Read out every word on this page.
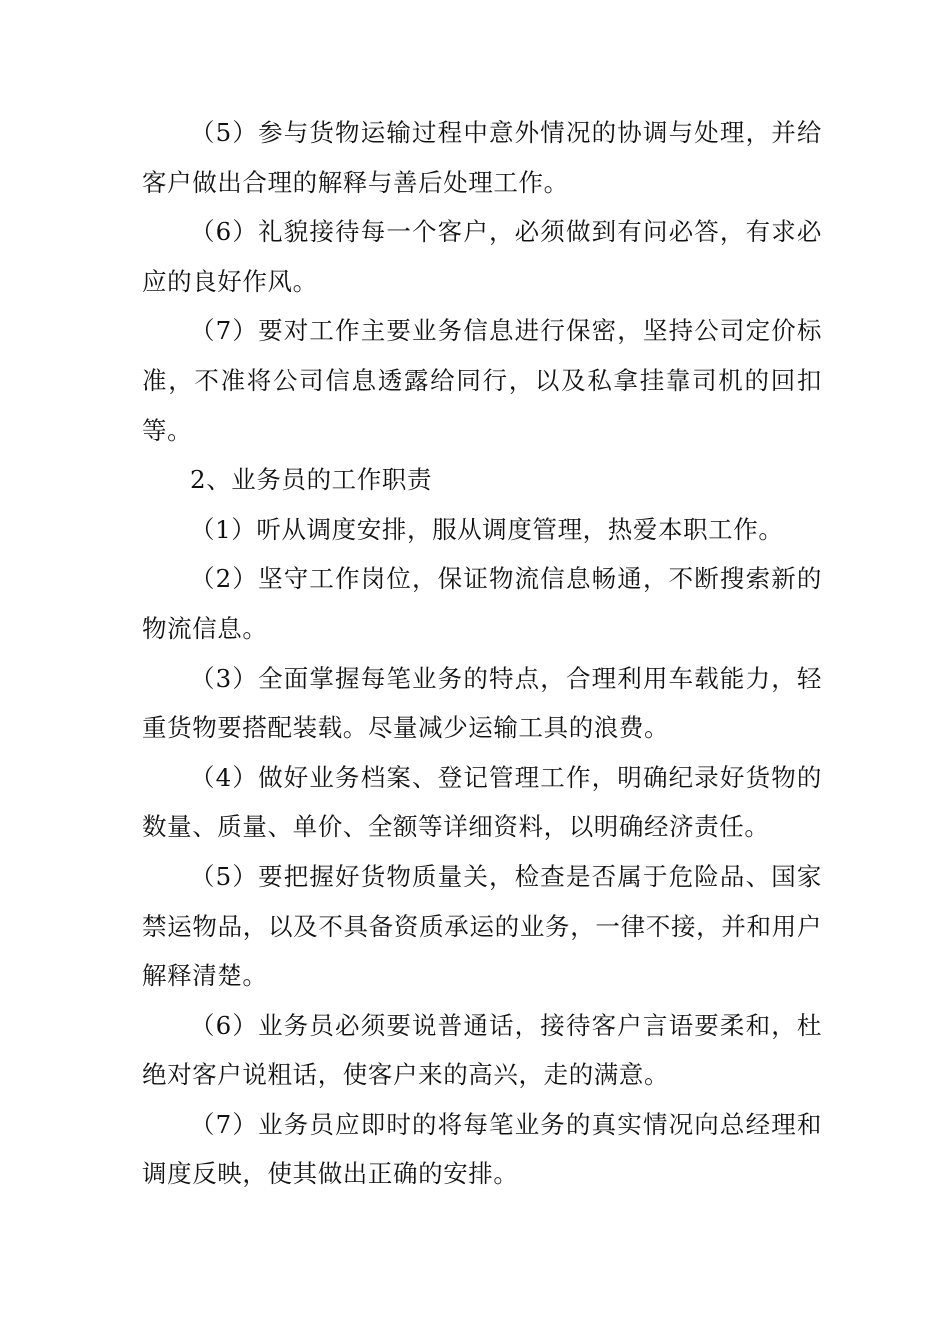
（5）参与货物运输过程中意外情况的协调与处理，并给客户做出合理的解释与善后处理工作。

（6）礼貌接待每一个客户，必须做到有问必答，有求必应的良好作风。

（7）要对工作主要业务信息进行保密，坚持公司定价标准，不准将公司信息透露给同行，以及私拿挂靠司机的回扣等。

2、业务员的工作职责

（1）听从调度安排，服从调度管理，热爱本职工作。

（2）坚守工作岗位，保证物流信息畅通，不断搜索新的物流信息。

（3）全面掌握每笔业务的特点，合理利用车载能力，轻重货物要搭配装载。尽量减少运输工具的浪费。

（4）做好业务档案、登记管理工作，明确纪录好货物的数量、质量、单价、全额等详细资料，以明确经济责任。

（5）要把握好货物质量关，检查是否属于危险品、国家禁运物品，以及不具备资质承运的业务，一律不接，并和用户解释清楚。

（6）业务员必须要说普通话，接待客户言语要柔和，杜绝对客户说粗话，使客户来的高兴，走的满意。

（7）业务员应即时的将每笔业务的真实情况向总经理和调度反映，使其做出正确的安排。
